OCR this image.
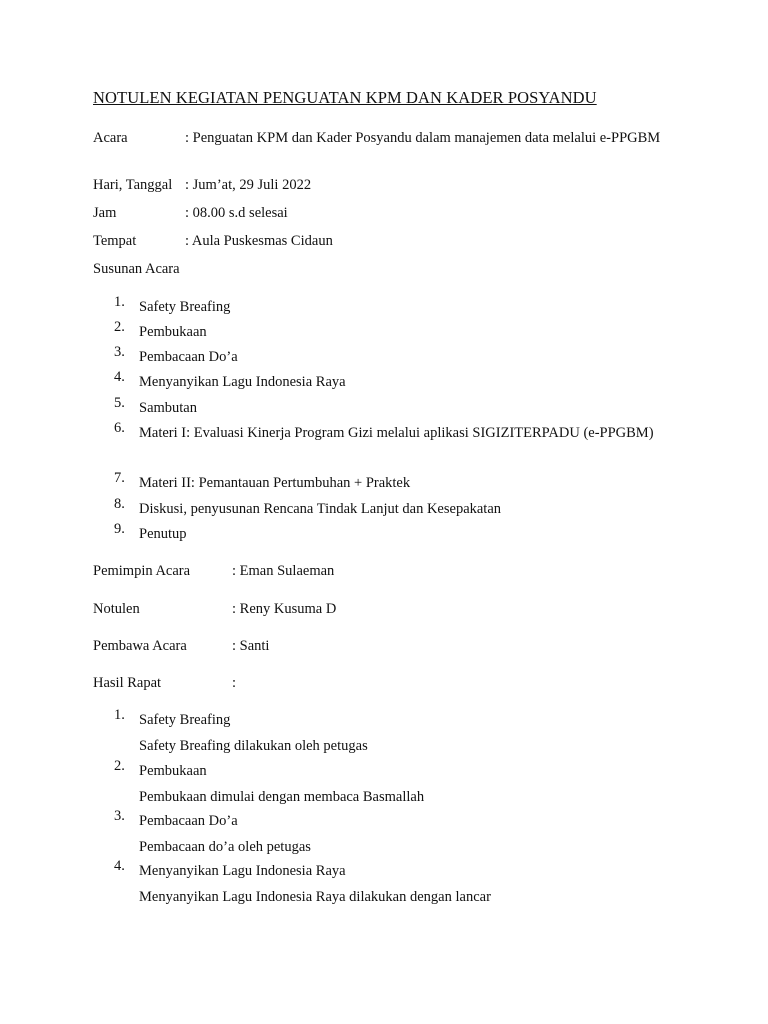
NOTULEN KEGIATAN PENGUATAN KPM DAN KADER POSYANDU
Acara	: Penguatan KPM dan Kader Posyandu dalam manajemen data melalui e-PPGBM
Hari, Tanggal : Jum’at, 29 Juli 2022
Jam	: 08.00 s.d selesai
Tempat	: Aula Puskesmas Cidaun
Susunan Acara
1. Safety Breafing
2. Pembukaan
3. Pembacaan Do’a
4. Menyanyikan Lagu Indonesia Raya
5. Sambutan
6. Materi I: Evaluasi Kinerja Program Gizi melalui aplikasi SIGIZITERPADU (e-PPGBM)
7. Materi II: Pemantauan Pertumbuhan + Praktek
8. Diskusi, penyusunan Rencana Tindak Lanjut dan Kesepakatan
9. Penutup
Pemimpin Acara	: Eman Sulaeman
Notulen	: Reny Kusuma D
Pembawa Acara	: Santi
Hasil Rapat	:
1. Safety Breafing
Safety Breafing dilakukan oleh petugas
2. Pembukaan
Pembukaan dimulai dengan membaca Basmallah
3. Pembacaan Do’a
Pembacaan do’a oleh petugas
4. Menyanyikan Lagu Indonesia Raya
Menyanyikan Lagu Indonesia Raya dilakukan dengan lancar
